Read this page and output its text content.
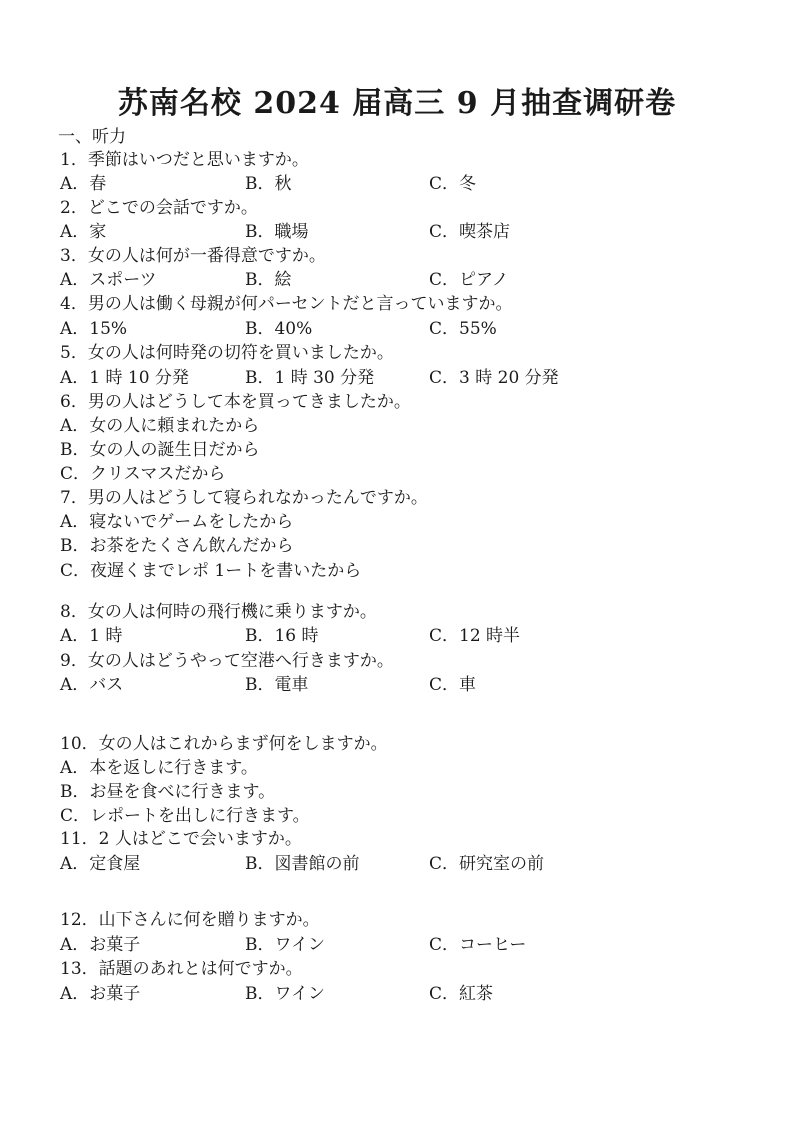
苏南名校 2024 届高三 9 月抽查调研卷
一、听力
1．季節はいつだと思いますか。
A．春	B．秋	C．冬
2．どこでの会話ですか。
A．家	B．職場	C．喫茶店
3．女の人は何が一番得意ですか。
A．スポーツ	B．絵	C．ピアノ
4．男の人は働く母親が何パーセントだと言っていますか。
A．15%	B．40%	C．55%
5．女の人は何時発の切符を買いましたか。
A．1 時 10 分発	B．1 時 30 分発	C．3 時 20 分発
6．男の人はどうして本を買ってきましたか。
A．女の人に頼まれたから
B．女の人の誕生日だから
C．クリスマスだから
7．男の人はどうして寝られなかったんですか。
A．寝ないでゲームをしたから
B．お茶をたくさん飲んだから
C．夜遅くまでレポ 1ートを書いたから
8．女の人は何時の飛行機に乗りますか。
A．1 時	B．16 時	C．12 時半
9．女の人はどうやって空港へ行きますか。
A．バス	B．電車	C．車
10．女の人はこれからまず何をしますか。
A．本を返しに行きます。
B．お昼を食べに行きます。
C．レポートを出しに行きます。
11．2 人はどこで会いますか。
A．定食屋	B．図書館の前	C．研究室の前
12．山下さんに何を贈りますか。
A．お菓子	B．ワイン	C．コーヒー
13．話題のあれとは何ですか。
A．お菓子	B．ワイン	C．紅茶
